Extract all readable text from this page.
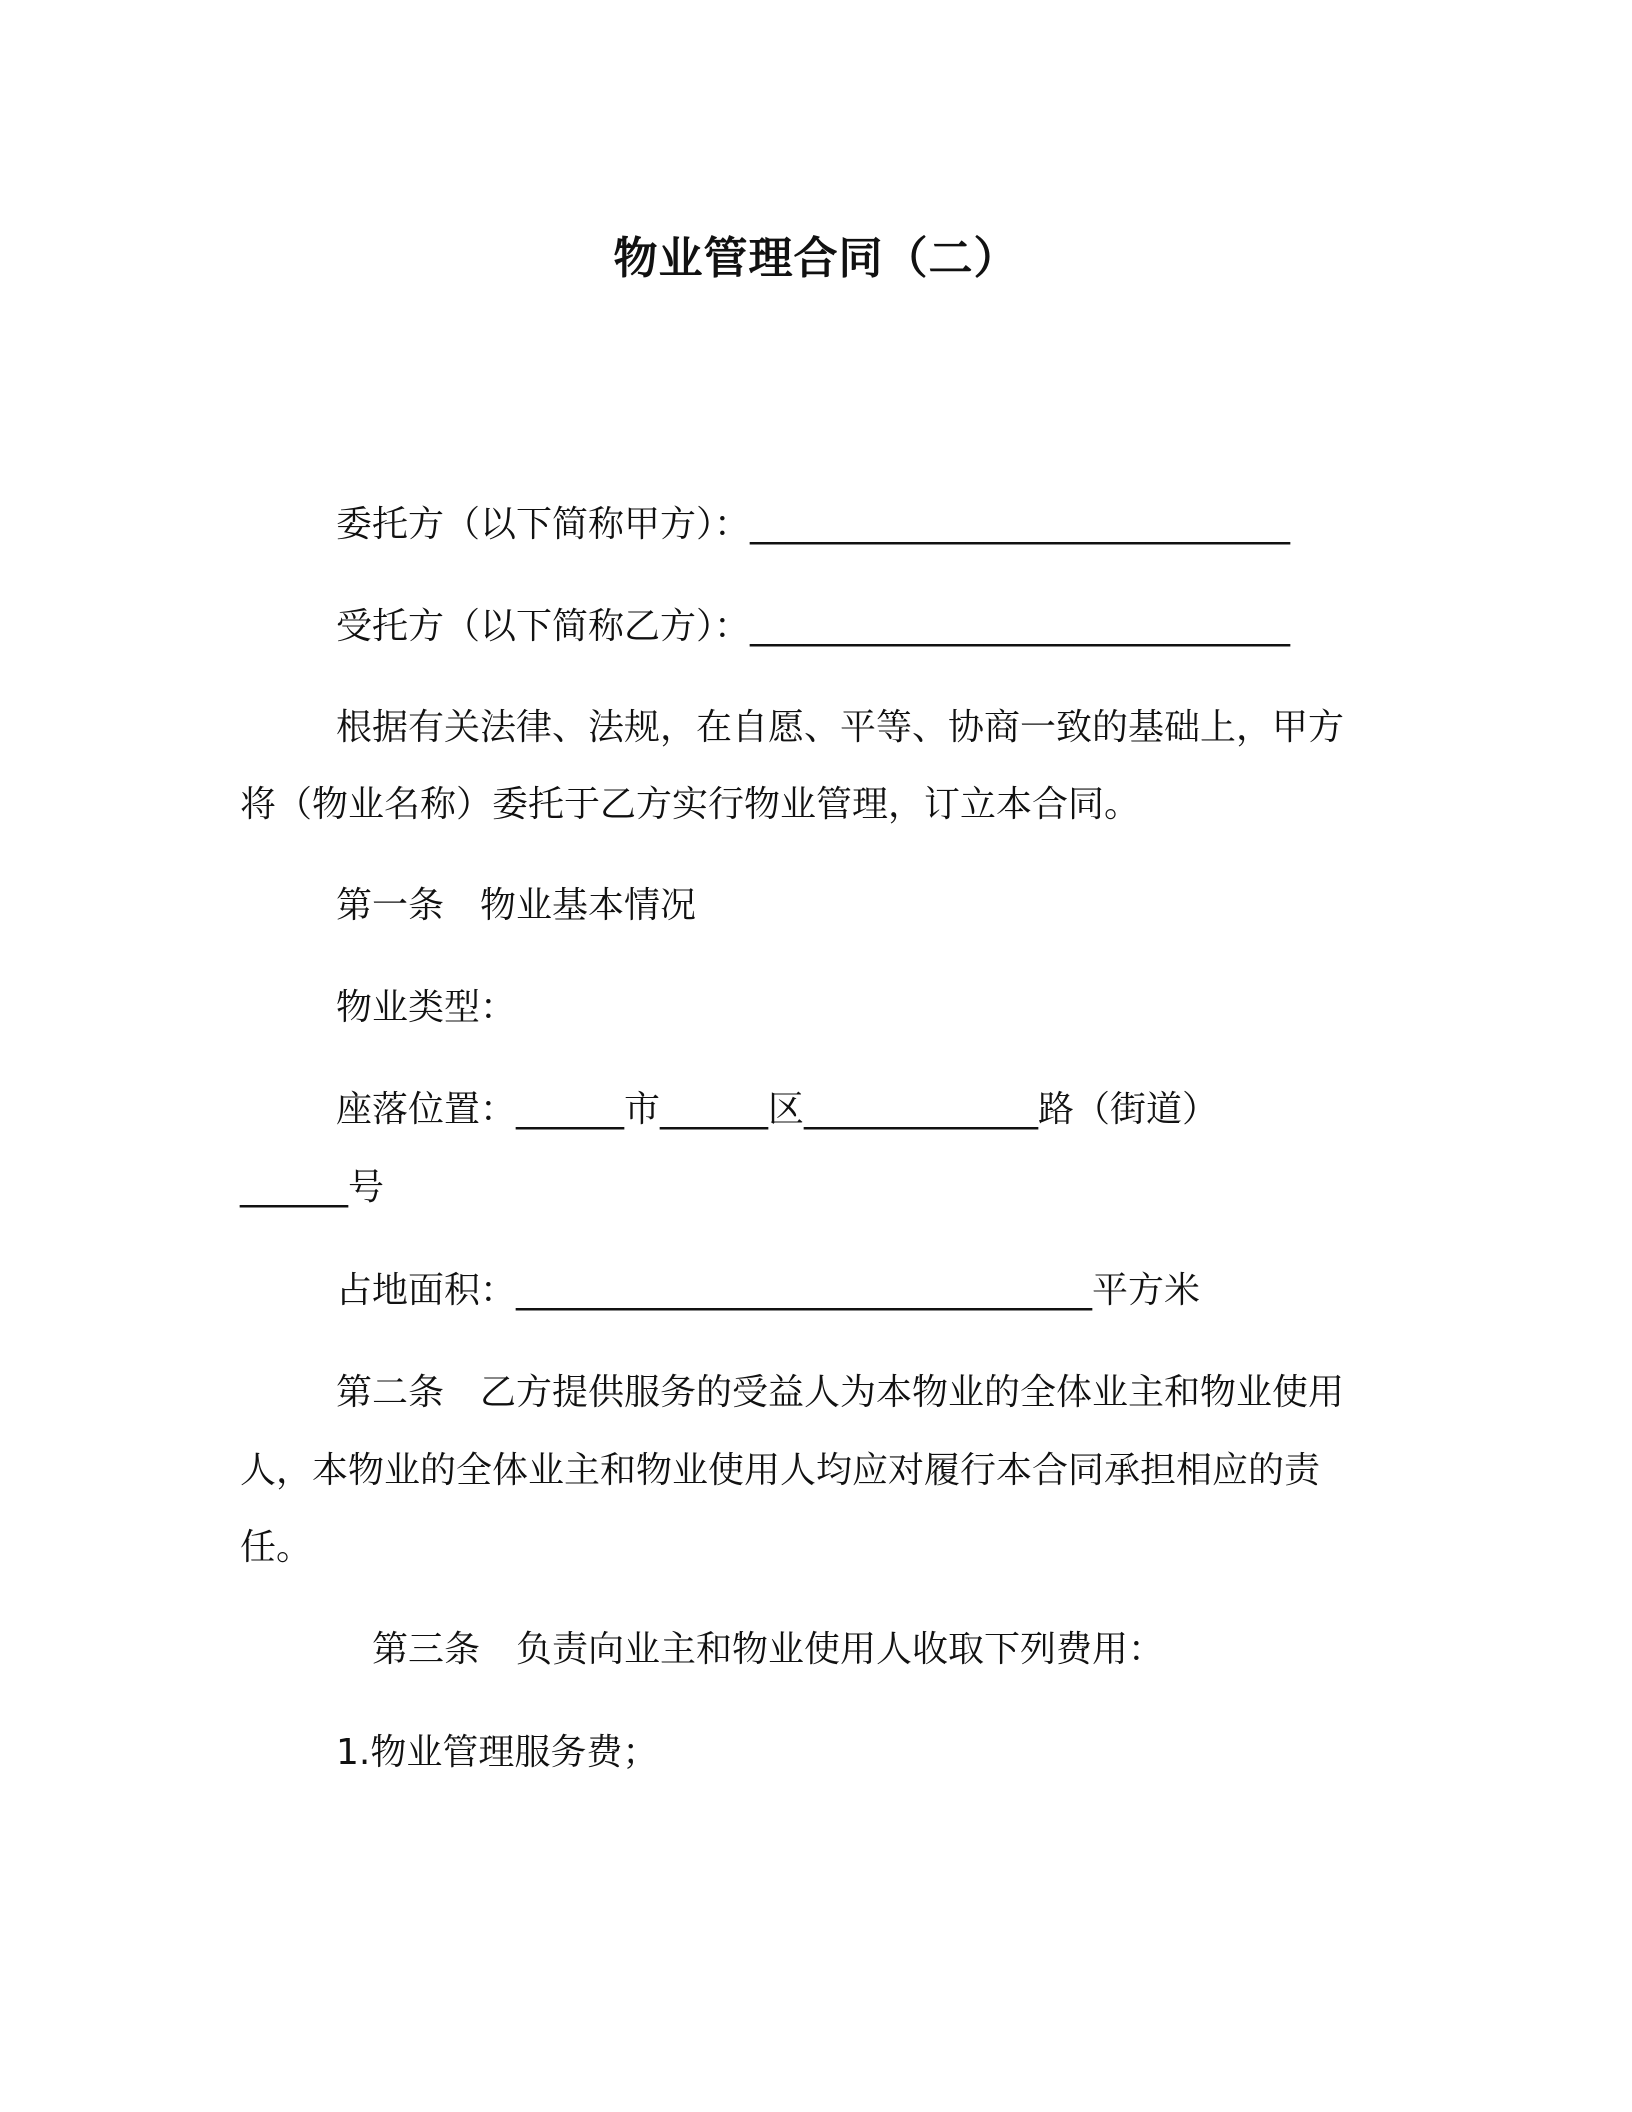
物业管理合同（二）
委托方（以下简称甲方）：______________________________
受托方（以下简称乙方）：______________________________
根据有关法律、法规，在自愿、平等、协商一致的基础上，甲方
将（物业名称）委托于乙方实行物业管理，订立本合同。
第一条　物业基本情况
物业类型：
座落位置：______市______区_____________路（街道）
______号
占地面积：________________________________平方米
第二条　乙方提供服务的受益人为本物业的全体业主和物业使用
人，本物业的全体业主和物业使用人均应对履行本合同承担相应的责
任。
第三条　负责向业主和物业使用人收取下列费用：
1.物业管理服务费；
